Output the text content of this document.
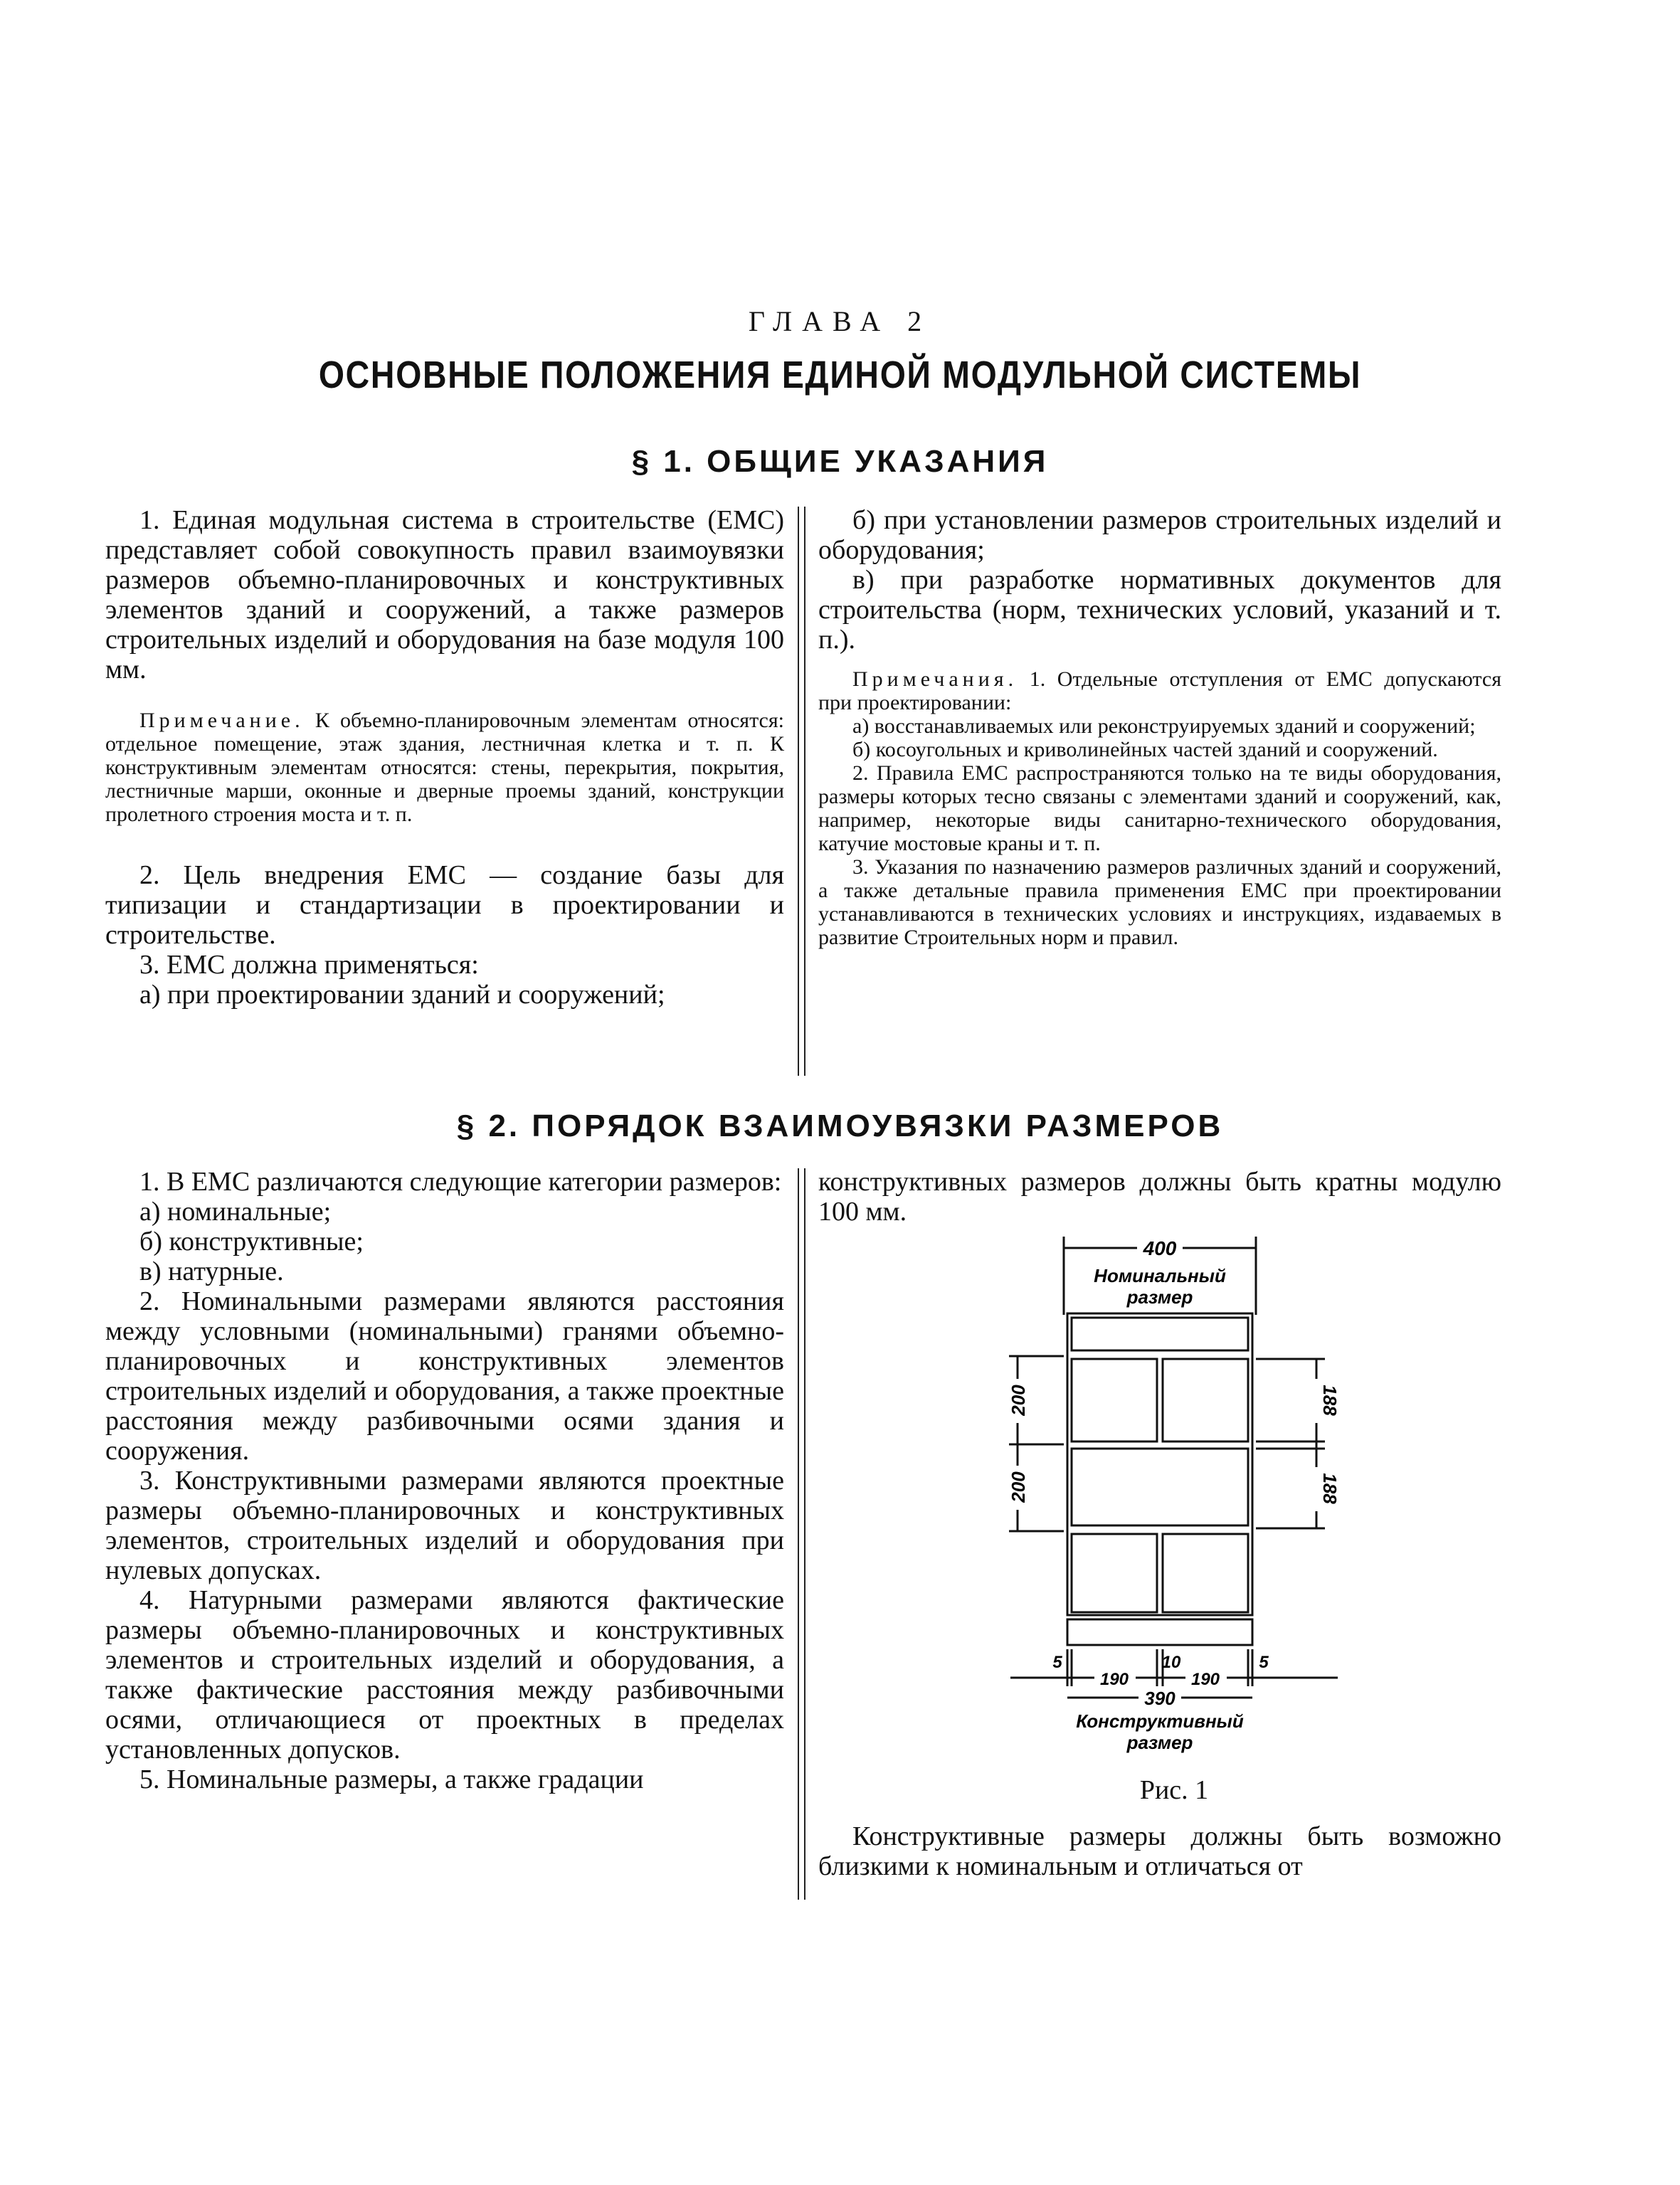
ГЛАВА 2
ОСНОВНЫЕ ПОЛОЖЕНИЯ ЕДИНОЙ МОДУЛЬНОЙ СИСТЕМЫ
§ 1. ОБЩИЕ УКАЗАНИЯ

1. Единая модульная система в строительстве (ЕМС) представляет собой совокупность правил взаимоувязки размеров объемно-планировочных и конструктивных элементов зданий и сооружений, а также размеров строительных изделий и оборудования на базе модуля 100 мм.

Примечание. К объемно-планировочным элементам относятся: отдельное помещение, этаж здания, лестничная клетка и т. п. К конструктивным элементам относятся: стены, перекрытия, покрытия, лестничные марши, оконные и дверные проемы зданий, конструкции пролетного строения моста и т. п.

2. Цель внедрения ЕМС — создание базы для типизации и стандартизации в проектировании и строительстве.

3. ЕМС должна применяться:

а) при проектировании зданий и сооружений;

б) при установлении размеров строительных изделий и оборудования;

в) при разработке нормативных документов для строительства (норм, технических условий, указаний и т. п.).

Примечания. 1. Отдельные отступления от ЕМС допускаются при проектировании:

а) восстанавливаемых или реконструируемых зданий и сооружений;

б) косоугольных и криволинейных частей зданий и сооружений.

2. Правила ЕМС распространяются только на те виды оборудования, размеры которых тесно связаны с элементами зданий и сооружений, как, например, некоторые виды санитарно-технического оборудования, катучие мостовые краны и т. п.

3. Указания по назначению размеров различных зданий и сооружений, а также детальные правила применения ЕМС при проектировании устанавливаются в технических условиях и инструкциях, издаваемых в развитие Строительных норм и правил.

§ 2. ПОРЯДОК ВЗАИМОУВЯЗКИ РАЗМЕРОВ

1. В ЕМС различаются следующие категории размеров:

а) номинальные;

б) конструктивные;

в) натурные.

2. Номинальными размерами являются расстояния между условными (номинальными) гранями объемно-планировочных и конструктивных элементов строительных изделий и оборудования, а также проектные расстояния между разбивочными осями здания и сооружения.

3. Конструктивными размерами являются проектные размеры объемно-планировочных и конструктивных элементов, строительных изделий и оборудования при нулевых допусках.

4. Натурными размерами являются фактические размеры объемно-планировочных и конструктивных элементов и строительных изделий и оборудования, а также фактические расстояния между разбивочными осями, отличающиеся от проектных в пределах установленных допусков.

5. Номинальные размеры, а также градации

конструктивных размеров должны быть кратны модулю 100 мм.

400
Номинальный
размер
200
200
188
188
5
190
10
190
5
390
Конструктивный
размер
Рис. 1

Конструктивные размеры должны быть возможно близкими к номинальным и отличаться от
